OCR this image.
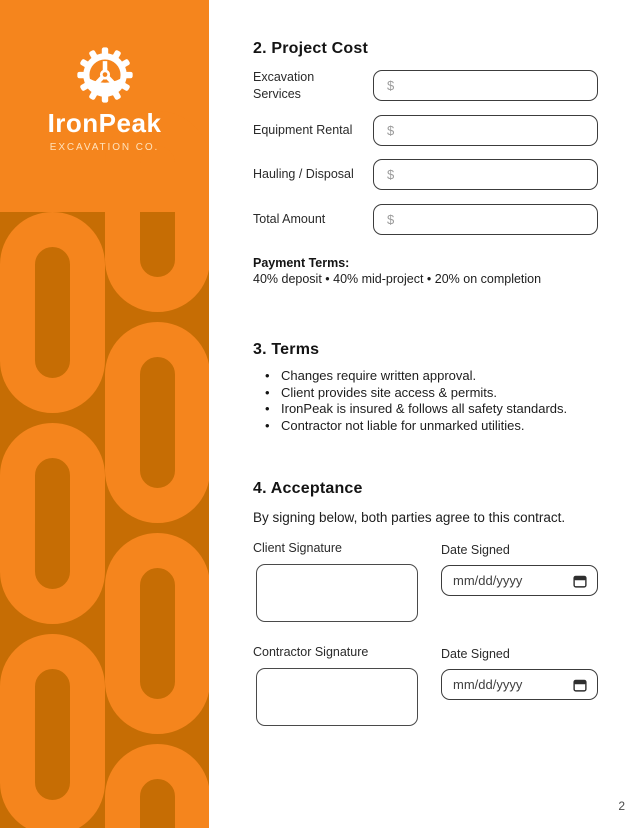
IronPeak
EXCAVATION CO.
2. Project Cost
Excavation Services
$
Equipment Rental
$
Hauling / Disposal
$
Total Amount
$
Payment Terms:
40% deposit • 40% mid-project • 20% on completion
3. Terms
• Changes require written approval.
• Client provides site access & permits.
• IronPeak is insured & follows all safety standards.
• Contractor not liable for unmarked utilities.
4. Acceptance

By signing below, both parties agree to this contract.

Client Signature	Date Signed
mm/dd/yyyy
Contractor Signature	Date Signed
mm/dd/yyyy
2
